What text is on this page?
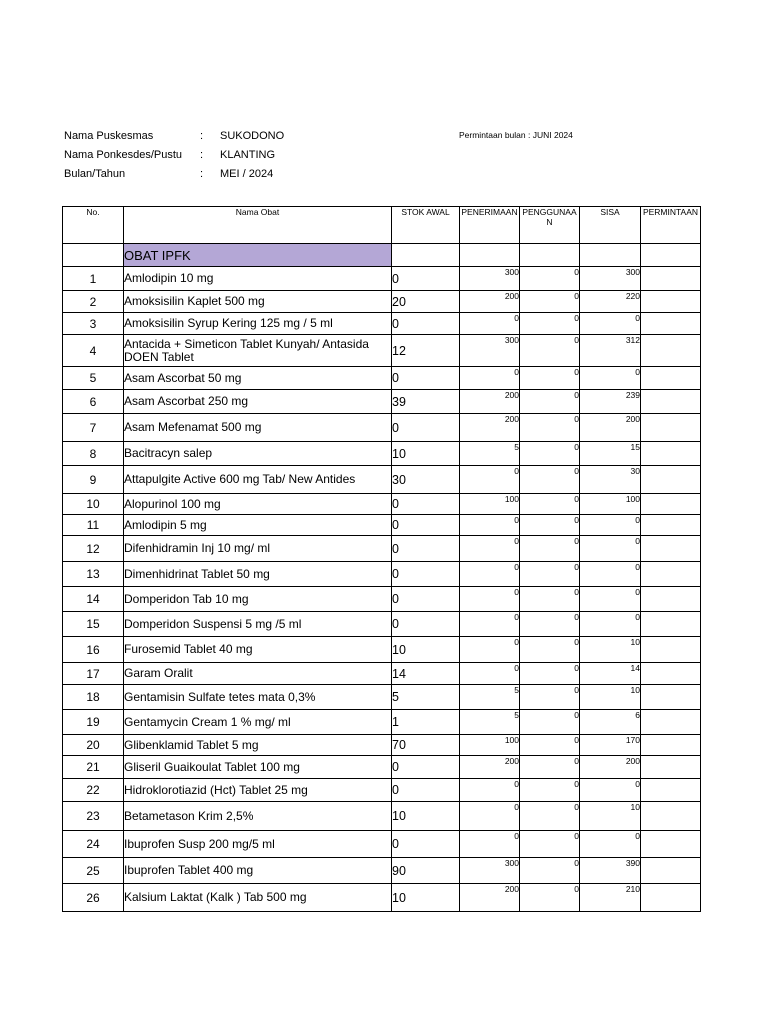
Nama Puskesmas	: SUKODONO
Nama Ponkesdes/Pustu : KLANTING
Bulan/Tahun	: MEI / 2024
Permintaan bulan : JUNI 2024
No.	Nama Obat	STOK AWAL	PENERIMAAN	PENGGUNAAN	SISA	PERMINTAAN
	OBAT IPFK					
1	Amlodipin 10 mg	0	300	0	300	
2	Amoksisilin Kaplet 500 mg	20	200	0	220	
3	Amoksisilin Syrup Kering 125 mg / 5 ml	0	0	0	0	
4	Antacida + Simeticon Tablet Kunyah/ Antasida DOEN Tablet	12	300	0	312	
5	Asam Ascorbat 50 mg	0	0	0	0	
6	Asam Ascorbat 250 mg	39	200	0	239	
7	Asam Mefenamat 500 mg	0	200	0	200	
8	Bacitracyn salep	10	5	0	15	
9	Attapulgite Active 600 mg Tab/ New Antides	30	0	0	30	
10	Alopurinol 100 mg	0	100	0	100	
11	Amlodipin 5 mg	0	0	0	0	
12	Difenhidramin Inj 10 mg/ ml	0	0	0	0	
13	Dimenhidrinat Tablet 50 mg	0	0	0	0	
14	Domperidon Tab 10 mg	0	0	0	0	
15	Domperidon Suspensi 5 mg /5 ml	0	0	0	0	
16	Furosemid Tablet 40 mg	10	0	0	10	
17	Garam Oralit	14	0	0	14	
18	Gentamisin Sulfate tetes mata 0,3%	5	5	0	10	
19	Gentamycin Cream 1 % mg/ ml	1	5	0	6	
20	Glibenklamid Tablet 5 mg	70	100	0	170	
21	Gliseril Guaikoulat Tablet 100 mg	0	200	0	200	
22	Hidroklorotiazid (Hct) Tablet 25 mg	0	0	0	0	
23	Betametason Krim 2,5%	10	0	0	10	
24	Ibuprofen Susp 200 mg/5 ml	0	0	0	0	
25	Ibuprofen Tablet 400 mg	90	300	0	390	
26	Kalsium Laktat (Kalk ) Tab 500 mg	10	200	0	210	
